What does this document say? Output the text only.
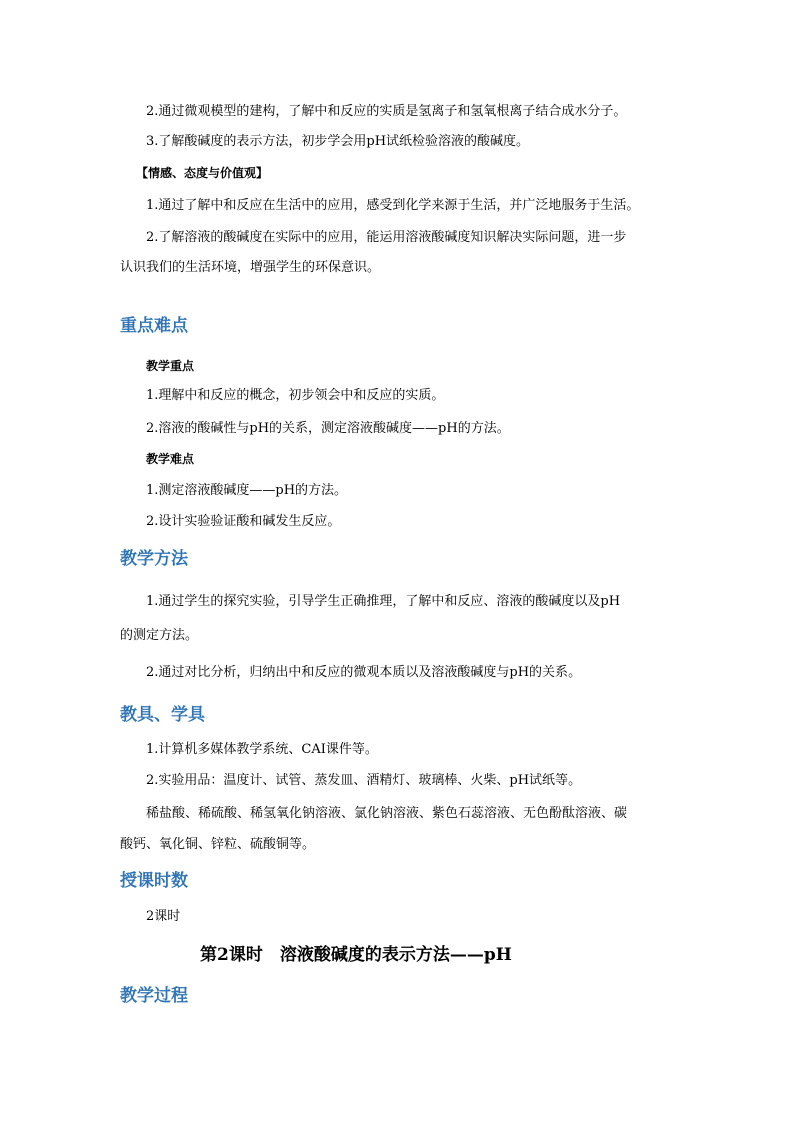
2.通过微观模型的建构，了解中和反应的实质是氢离子和氢氧根离子结合成水分子。
3.了解酸碱度的表示方法，初步学会用pH试纸检验溶液的酸碱度。
【情感、态度与价值观】
1.通过了解中和反应在生活中的应用，感受到化学来源于生活，并广泛地服务于生活。
2.了解溶液的酸碱度在实际中的应用，能运用溶液酸碱度知识解决实际问题，进一步
认识我们的生活环境，增强学生的环保意识。
重点难点
教学重点
1.理解中和反应的概念，初步领会中和反应的实质。
2.溶液的酸碱性与pH的关系，测定溶液酸碱度——pH的方法。
教学难点
1.测定溶液酸碱度——pH的方法。
2.设计实验验证酸和碱发生反应。
教学方法
1.通过学生的探究实验，引导学生正确推理，了解中和反应、溶液的酸碱度以及pH
的测定方法。
2.通过对比分析，归纳出中和反应的微观本质以及溶液酸碱度与pH的关系。
教具、学具
1.计算机多媒体教学系统、CAI课件等。
2.实验用品：温度计、试管、蒸发皿、酒精灯、玻璃棒、火柴、pH试纸等。
稀盐酸、稀硫酸、稀氢氧化钠溶液、氯化钠溶液、紫色石蕊溶液、无色酚酞溶液、碳
酸钙、氧化铜、锌粒、硫酸铜等。
授课时数
2课时
第2课时　溶液酸碱度的表示方法——pH
教学过程
